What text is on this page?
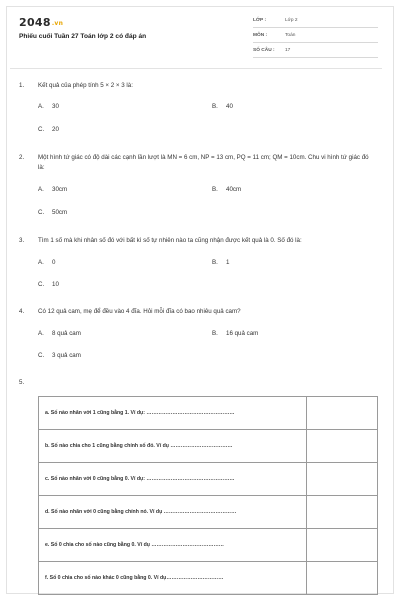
2048.vn
Phiếu cuối Tuần 27 Toán lớp 2 có đáp án
LỚP :	Lớp 2
MÔN :	Toán
SỐ CÂU : 17
1. Kết quả của phép tính 5 × 2 × 3 là:
A. 30	B. 40
C. 20
2. Một hình tứ giác có độ dài các cạnh lần lượt là MN = 6 cm, NP = 13 cm, PQ = 11 cm; QM = 10cm. Chu vi hình tứ giác đó là:
A. 30cm	B. 40cm
C. 50cm
3. Tìm 1 số mà khi nhân số đó với bất kì số tự nhiên nào ta cũng nhận được kết quả là 0. Số đó là:
A. 0	B. 1
C. 10
4. Có 12 quả cam, mẹ để đều vào 4 đĩa. Hỏi mỗi đĩa có bao nhiêu quả cam?
A. 8 quả cam	B. 16 quả cam
C. 3 quả cam
5.
a. Số nào nhân với 1 cũng bằng 1. Ví dụ: ……………………………………………	
b. Số nào chia cho 1 cũng bằng chính số đó. Ví dụ ………………………………	
c. Số nào nhân với 0 cũng bằng 0. Ví dụ: ……………………………………………	
d. Số nào nhân với 0 cũng bằng chính nó. Ví dụ ……………………………………	
e. Số 0 chia cho số nào cũng bằng 0. Ví dụ ……………………………………	
f. Số 0 chia cho số nào khác 0 cũng bằng 0. Ví dụ……………………………	
